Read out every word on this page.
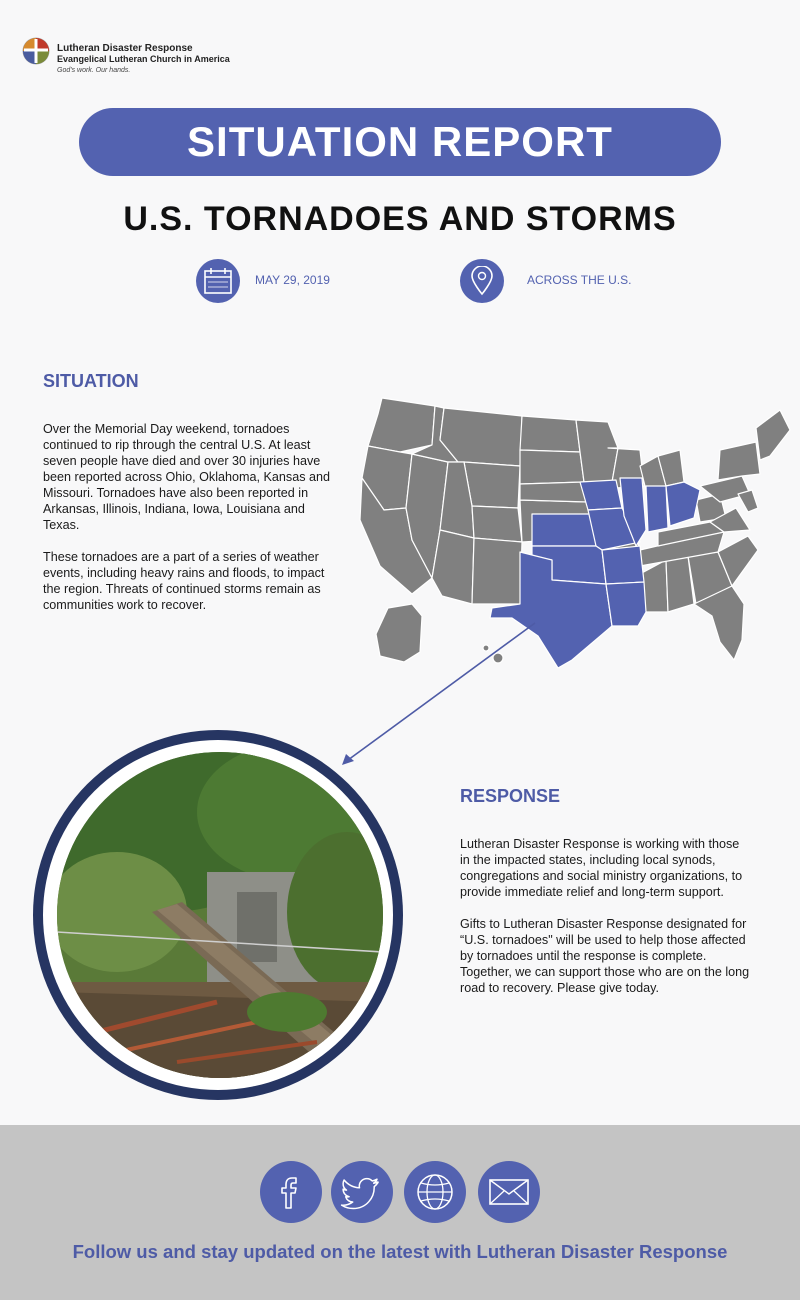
Lutheran Disaster Response
Evangelical Lutheran Church in America
God's work. Our hands.
SITUATION REPORT
U.S. TORNADOES AND STORMS
MAY 29, 2019	ACROSS THE U.S.
SITUATION

Over the Memorial Day weekend, tornadoes continued to rip through the central U.S. At least seven people have died and over 30 injuries have been reported across Ohio, Oklahoma, Kansas and Missouri. Tornadoes have also been reported in Arkansas, Illinois, Indiana, Iowa, Louisiana and Texas.

These tornadoes are a part of a series of weather events, including heavy rains and floods, to impact the region. Threats of continued storms remain as communities work to recover.

RESPONSE

Lutheran Disaster Response is working with those in the impacted states, including local synods, congregations and social ministry organizations, to provide immediate relief and long-term support.

Gifts to Lutheran Disaster Response designated for “U.S. tornadoes" will be used to help those affected by tornadoes until the response is complete. Together, we can support those who are on the long road to recovery. Please give today.

Follow us and stay updated on the latest with Lutheran Disaster Response
